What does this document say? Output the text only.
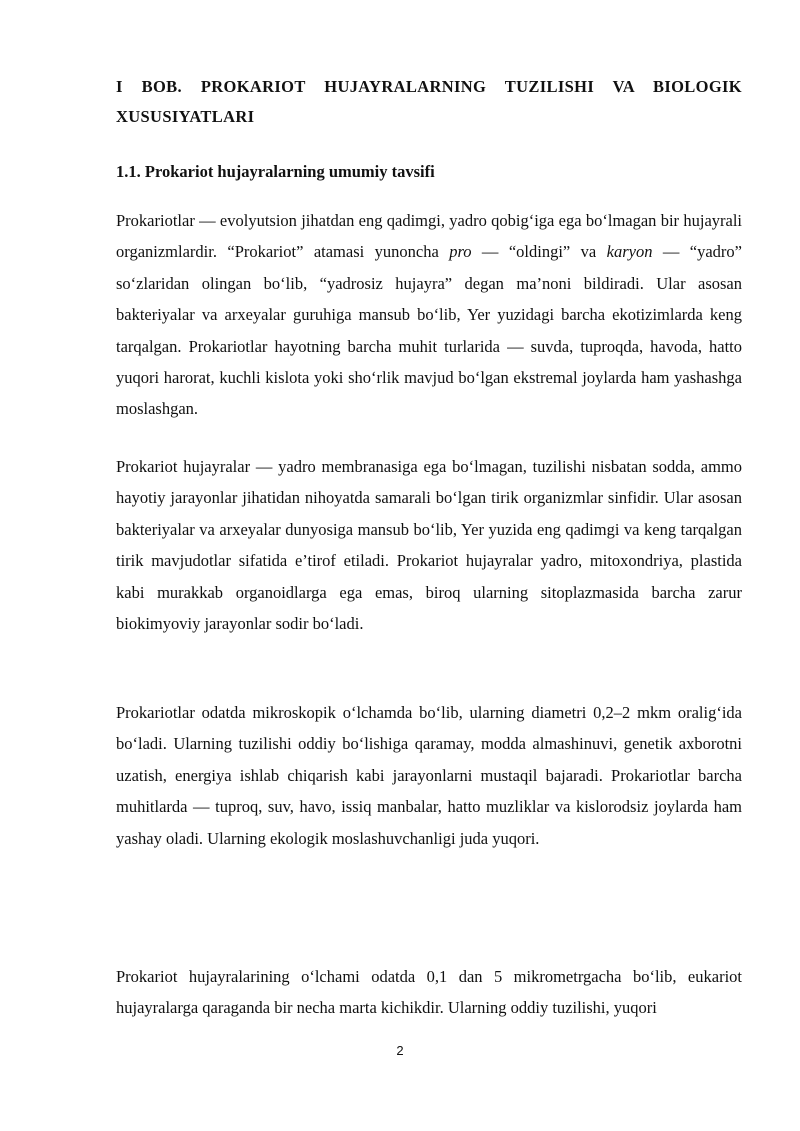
I BOB. PROKARIOT HUJAYRALARNING TUZILISHI VA BIOLOGIK XUSUSIYATLARI
1.1. Prokariot hujayralarning umumiy tavsifi

Prokariotlar — evolyutsion jihatdan eng qadimgi, yadro qobig‘iga ega bo‘lmagan bir hujayrali organizmlardir. “Prokariot” atamasi yunoncha pro — “oldingi” va karyon — “yadro” so‘zlaridan olingan bo‘lib, “yadrosiz hujayra” degan ma’noni bildiradi. Ular asosan bakteriyalar va arxeyalar guruhiga mansub bo‘lib, Yer yuzidagi barcha ekotizimlarda keng tarqalgan. Prokariotlar hayotning barcha muhit turlarida — suvda, tuproqda, havoda, hatto yuqori harorat, kuchli kislota yoki sho‘rlik mavjud bo‘lgan ekstremal joylarda ham yashashga moslashgan.

Prokariot hujayralar — yadro membranasiga ega bo‘lmagan, tuzilishi nisbatan sodda, ammo hayotiy jarayonlar jihatidan nihoyatda samarali bo‘lgan tirik organizmlar sinfidir. Ular asosan bakteriyalar va arxeyalar dunyosiga mansub bo‘lib, Yer yuzida eng qadimgi va keng tarqalgan tirik mavjudotlar sifatida e’tirof etiladi. Prokariot hujayralar yadro, mitoxondriya, plastida kabi murakkab organoidlarga ega emas, biroq ularning sitoplazmasida barcha zarur biokimyoviy jarayonlar sodir bo‘ladi.

Prokariotlar odatda mikroskopik o‘lchamda bo‘lib, ularning diametri 0,2–2 mkm oralig‘ida bo‘ladi. Ularning tuzilishi oddiy bo‘lishiga qaramay, modda almashinuvi, genetik axborotni uzatish, energiya ishlab chiqarish kabi jarayonlarni mustaqil bajaradi. Prokariotlar barcha muhitlarda — tuproq, suv, havo, issiq manbalar, hatto muzliklar va kislorodsiz joylarda ham yashay oladi. Ularning ekologik moslashuvchanligi juda yuqori.

Prokariot hujayralarining o‘lchami odatda 0,1 dan 5 mikrometrgacha bo‘lib, eukariot hujayralarga qaraganda bir necha marta kichikdir. Ularning oddiy tuzilishi, yuqori

2
